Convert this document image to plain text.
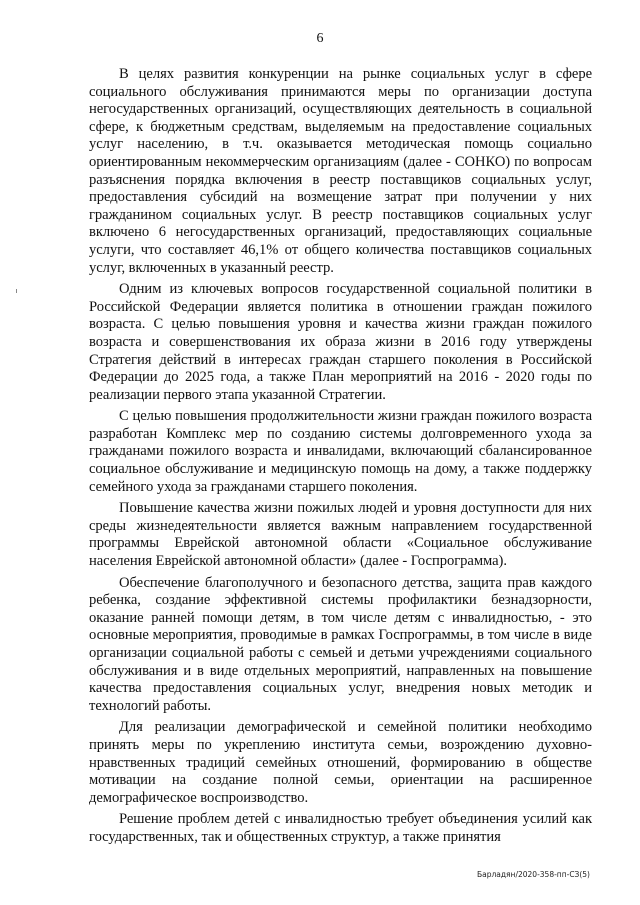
6

В целях развития конкуренции на рынке социальных услуг в сфере социального обслуживания принимаются меры по организации доступа негосударственных организаций, осуществляющих деятельность в социальной сфере, к бюджетным средствам, выделяемым на предоставление социальных услуг населению, в т.ч. оказывается методическая помощь социально ориентированным некоммерческим организациям (далее - СОНКО) по вопросам разъяснения порядка включения в реестр поставщиков социальных услуг, предоставления субсидий на возмещение затрат при получении у них гражданином социальных услуг. В реестр поставщиков социальных услуг включено 6 негосударственных организаций, предоставляющих социальные услуги, что составляет 46,1% от общего количества поставщиков социальных услуг, включенных в указанный реестр.

Одним из ключевых вопросов государственной социальной политики в Российской Федерации является политика в отношении граждан пожилого возраста. С целью повышения уровня и качества жизни граждан пожилого возраста и совершенствования их образа жизни в 2016 году утверждены Стратегия действий в интересах граждан старшего поколения в Российской Федерации до 2025 года, а также План мероприятий на 2016 - 2020 годы по реализации первого этапа указанной Стратегии.

С целью повышения продолжительности жизни граждан пожилого возраста разработан Комплекс мер по созданию системы долговременного ухода за гражданами пожилого возраста и инвалидами, включающий сбалансированное социальное обслуживание и медицинскую помощь на дому, а также поддержку семейного ухода за гражданами старшего поколения.

Повышение качества жизни пожилых людей и уровня доступности для них среды жизнедеятельности является важным направлением государственной программы Еврейской автономной области «Социальное обслуживание населения Еврейской автономной области» (далее - Госпрограмма).

Обеспечение благополучного и безопасного детства, защита прав каждого ребенка, создание эффективной системы профилактики безнадзорности, оказание ранней помощи детям, в том числе детям с инвалидностью, - это основные мероприятия, проводимые в рамках Госпрограммы, в том числе в виде организации социальной работы с семьей и детьми учреждениями социального обслуживания и в виде отдельных мероприятий, направленных на повышение качества предоставления социальных услуг, внедрения новых методик и технологий работы.

Для реализации демографической и семейной политики необходимо принять меры по укреплению института семьи, возрождению духовно-нравственных традиций семейных отношений, формированию в обществе мотивации на создание полной семьи, ориентации на расширенное демографическое воспроизводство.

Решение проблем детей с инвалидностью требует объединения усилий как государственных, так и общественных структур, а также принятия

Барладян/2020-358-пп-СЗ(5)
